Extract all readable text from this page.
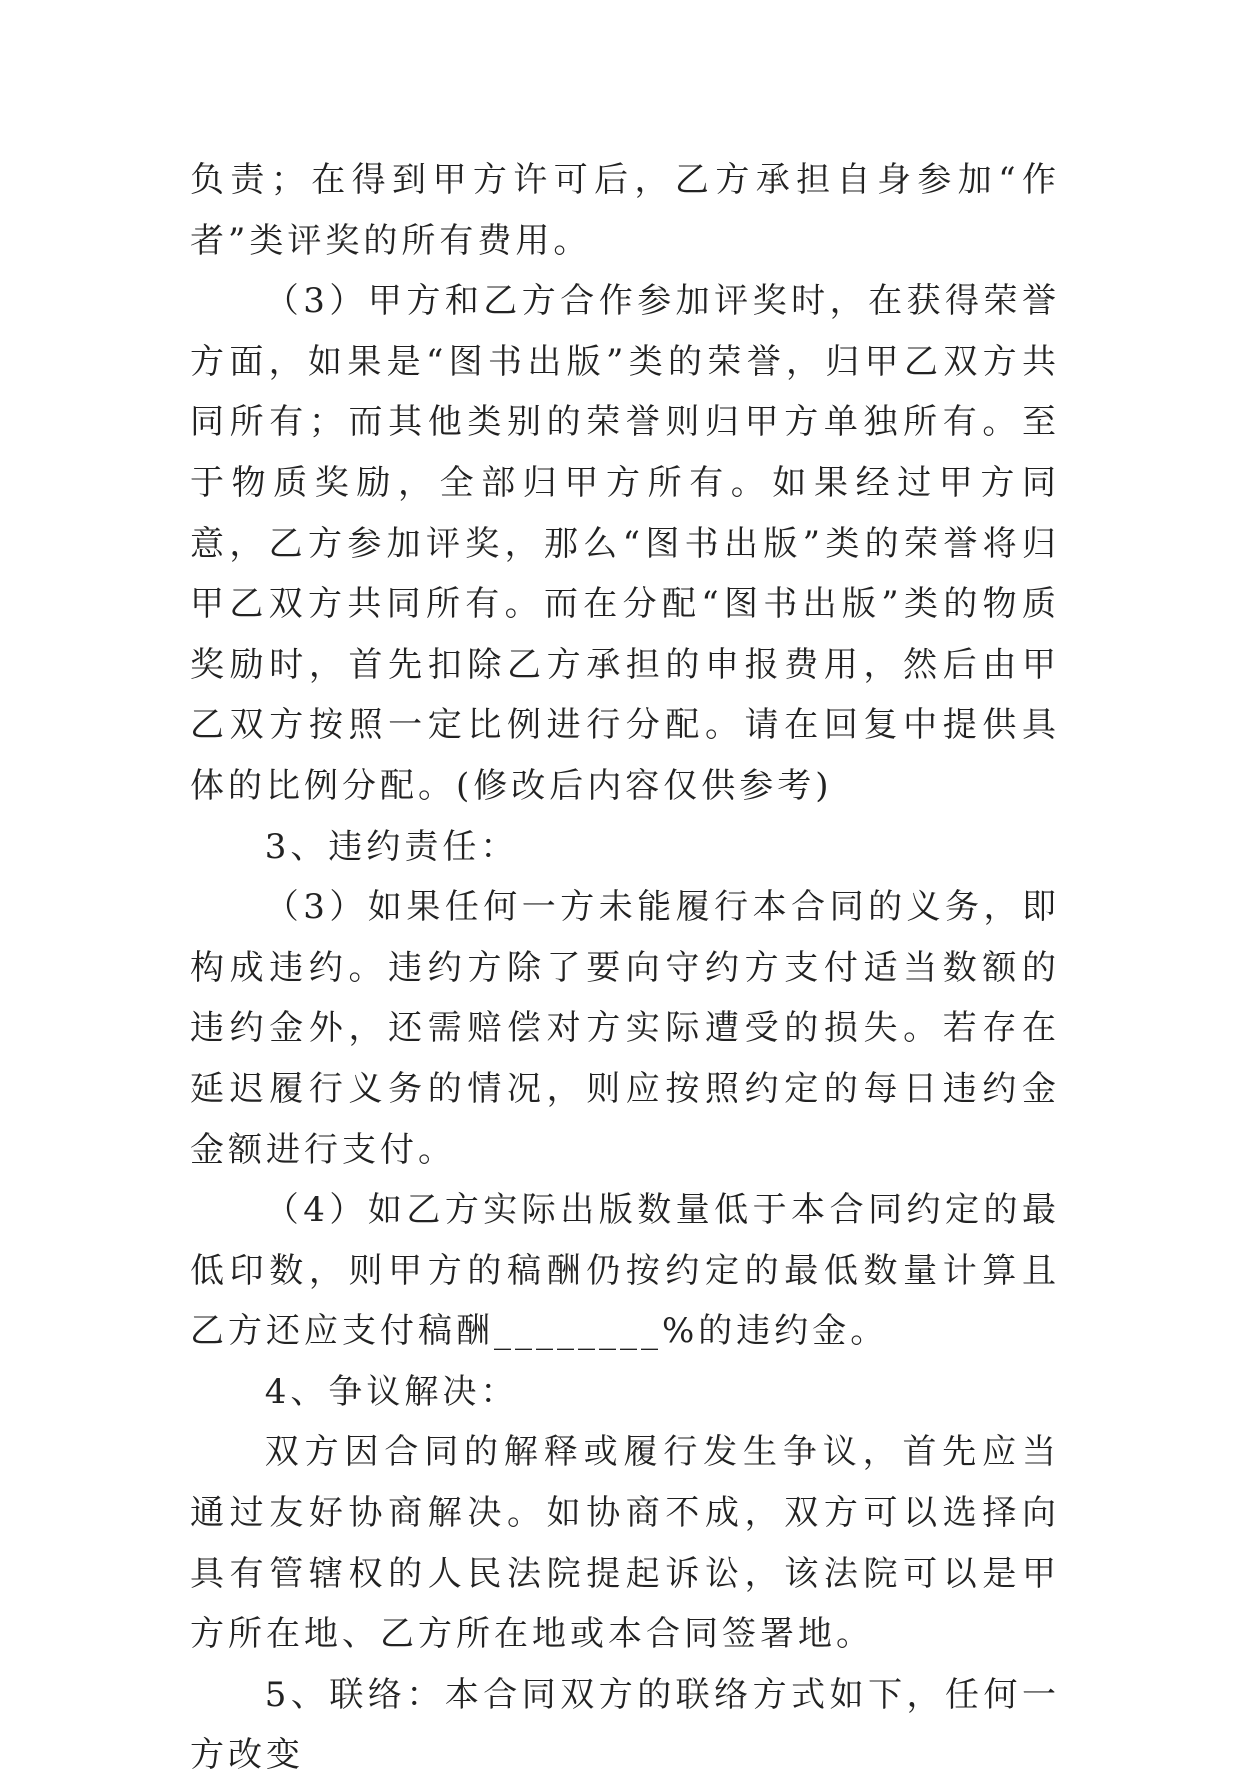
负责；在得到甲方许可后，乙方承担自身参加“作者”类评奖的所有费用。

（3）甲方和乙方合作参加评奖时，在获得荣誉方面，如果是“图书出版”类的荣誉，归甲乙双方共同所有；而其他类别的荣誉则归甲方单独所有。至于物质奖励，全部归甲方所有。如果经过甲方同意，乙方参加评奖，那么“图书出版”类的荣誉将归甲乙双方共同所有。而在分配“图书出版”类的物质奖励时，首先扣除乙方承担的申报费用，然后由甲乙双方按照一定比例进行分配。请在回复中提供具体的比例分配。(修改后内容仅供参考)

3、违约责任：

（3）如果任何一方未能履行本合同的义务，即构成违约。违约方除了要向守约方支付适当数额的违约金外，还需赔偿对方实际遭受的损失。若存在延迟履行义务的情况，则应按照约定的每日违约金金额进行支付。

（4）如乙方实际出版数量低于本合同约定的最低印数，则甲方的稿酬仍按约定的最低数量计算且乙方还应支付稿酬________%的违约金。

4、争议解决：

双方因合同的解释或履行发生争议，首先应当通过友好协商解决。如协商不成，双方可以选择向具有管辖权的人民法院提起诉讼，该法院可以是甲方所在地、乙方所在地或本合同签署地。

5、联络：本合同双方的联络方式如下，任何一方改变
